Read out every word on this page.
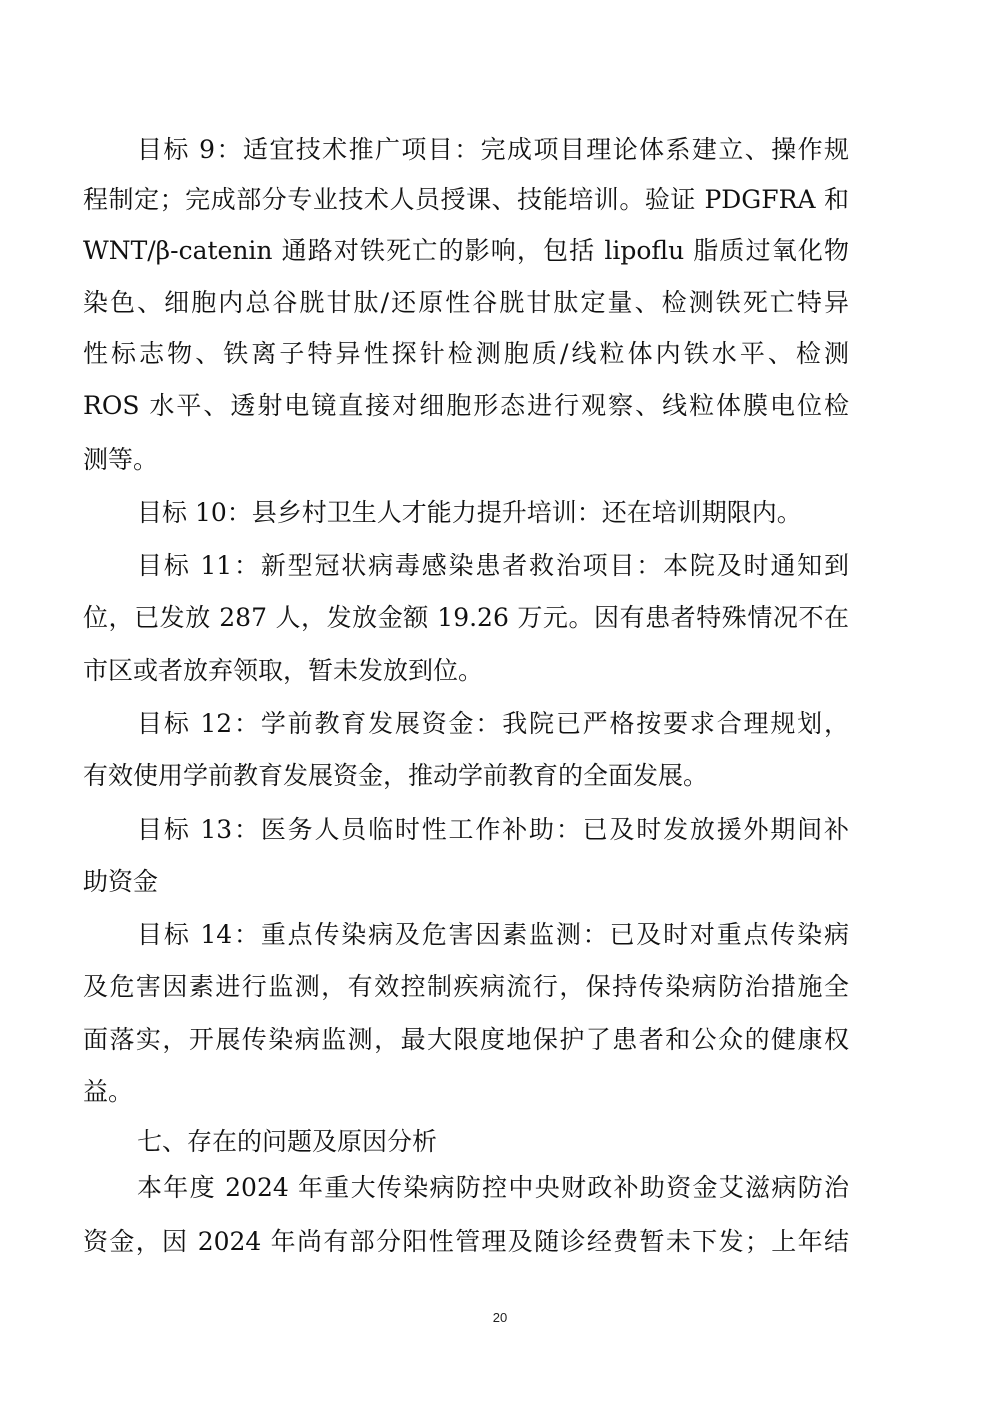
目标 9：适宜技术推广项目：完成项目理论体系建立、操作规
程制定；完成部分专业技术人员授课、技能培训。验证 PDGFRA 和
WNT/β-catenin 通路对铁死亡的影响，包括 lipoflu 脂质过氧化物
染色、细胞内总谷胱甘肽/还原性谷胱甘肽定量、检测铁死亡特异
性标志物、铁离子特异性探针检测胞质/线粒体内铁水平、检测
ROS 水平、透射电镜直接对细胞形态进行观察、线粒体膜电位检
测等。
目标 10：县乡村卫生人才能力提升培训：还在培训期限内。
目标 11：新型冠状病毒感染患者救治项目：本院及时通知到
位，已发放 287 人，发放金额 19.26 万元。因有患者特殊情况不在
市区或者放弃领取，暂未发放到位。
目标 12：学前教育发展资金：我院已严格按要求合理规划，
有效使用学前教育发展资金，推动学前教育的全面发展。
目标 13：医务人员临时性工作补助：已及时发放援外期间补
助资金
目标 14：重点传染病及危害因素监测：已及时对重点传染病
及危害因素进行监测，有效控制疾病流行，保持传染病防治措施全
面落实，开展传染病监测，最大限度地保护了患者和公众的健康权
益。
七、存在的问题及原因分析
本年度 2024 年重大传染病防控中央财政补助资金艾滋病防治
资金，因 2024 年尚有部分阳性管理及随诊经费暂未下发；上年结
20
